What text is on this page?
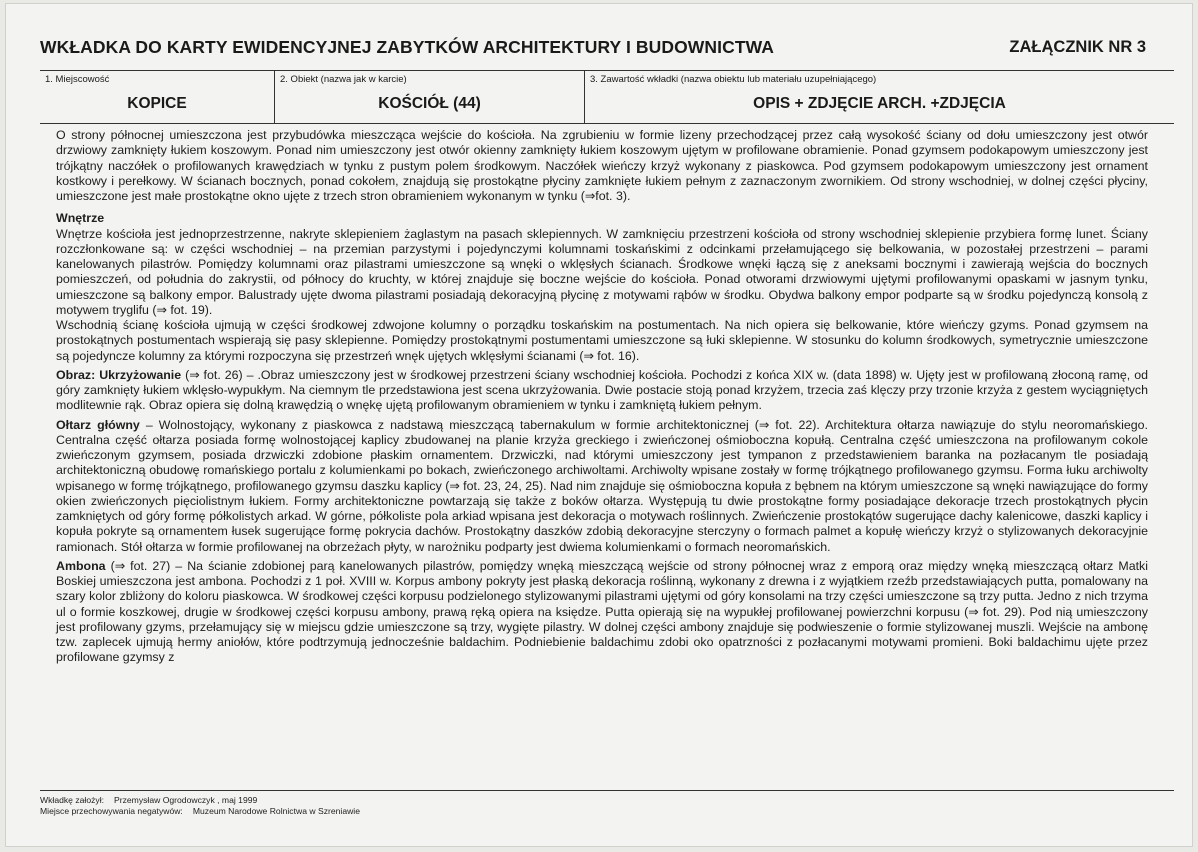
WKŁADKA DO KARTY EWIDENCYJNEJ ZABYTKÓW ARCHITEKTURY I BUDOWNICTWA	ZAŁĄCZNIK NR 3
1. Miejscowość
KOPICE
2. Obiekt (nazwa jak w karcie)
KOŚCIÓŁ (44)
3. Zawartość wkładki (nazwa obiektu lub materiału uzupełniającego)
OPIS + ZDJĘCIE ARCH. +ZDJĘCIA

O strony północnej umieszczona jest przybudówka mieszcząca wejście do kościoła. Na zgrubieniu w formie lizeny przechodzącej przez całą wysokość ściany od dołu umieszczony jest otwór drzwiowy zamknięty łukiem koszowym. Ponad nim umieszczony jest otwór okienny zamknięty łukiem koszowym ujętym w profilowane obramienie. Ponad gzymsem podokapowym umieszczony jest trójkątny naczółek o profilowanych krawędziach w tynku z pustym polem środkowym. Naczółek wieńczy krzyż wykonany z piaskowca. Pod gzymsem podokapowym umieszczony jest ornament kostkowy i perełkowy. W ścianach bocznych, ponad cokołem, znajdują się prostokątne płyciny zamknięte łukiem pełnym z zaznaczonym zwornikiem. Od strony wschodniej, w dolnej części płyciny, umieszczone jest małe prostokątne okno ujęte z trzech stron obramieniem wykonanym w tynku (⇒fot. 3).

Wnętrze

Wnętrze kościoła jest jednoprzestrzenne, nakryte sklepieniem żaglastym na pasach sklepiennych. W zamknięciu przestrzeni kościoła od strony wschodniej sklepienie przybiera formę lunet. Ściany rozczłonkowane są: w części wschodniej – na przemian parzystymi i pojedynczymi kolumnami toskańskimi z odcinkami przełamującego się belkowania, w pozostałej przestrzeni – parami kanelowanych pilastrów. Pomiędzy kolumnami oraz pilastrami umieszczone są wnęki o wklęsłych ścianach. Środkowe wnęki łączą się z aneksami bocznymi i zawierają wejścia do bocznych pomieszczeń, od południa do zakrystii, od północy do kruchty, w której znajduje się boczne wejście do kościoła. Ponad otworami drzwiowymi ujętymi profilowanymi opaskami w jasnym tynku, umieszczone są balkony empor. Balustrady ujęte dwoma pilastrami posiadają dekoracyjną płycinę z motywami rąbów w środku. Obydwa balkony empor podparte są w środku pojedynczą konsolą z motywem tryglifu (⇒ fot. 19).

Wschodnią ścianę kościoła ujmują w części środkowej zdwojone kolumny o porządku toskańskim na postumentach. Na nich opiera się belkowanie, które wieńczy gzyms. Ponad gzymsem na prostokątnych postumentach wspierają się pasy sklepienne. Pomiędzy prostokątnymi postumentami umieszczone są łuki sklepienne. W stosunku do kolumn środkowych, symetrycznie umieszczone są pojedyncze kolumny za którymi rozpoczyna się przestrzeń wnęk ujętych wklęsłymi ścianami (⇒ fot. 16).

Obraz: Ukrzyżowanie (⇒ fot. 26) – .Obraz umieszczony jest w środkowej przestrzeni ściany wschodniej kościoła. Pochodzi z końca XIX w. (data 1898) w. Ujęty jest w profilowaną złoconą ramę, od góry zamknięty łukiem wklęsło-wypukłym. Na ciemnym tle przedstawiona jest scena ukrzyżowania. Dwie postacie stoją ponad krzyżem, trzecia zaś klęczy przy trzonie krzyża z gestem wyciągniętych modlitewnie rąk. Obraz opiera się dolną krawędzią o wnękę ujętą profilowanym obramieniem w tynku i zamkniętą łukiem pełnym.

Ołtarz główny – Wolnostojący, wykonany z piaskowca z nadstawą mieszczącą tabernakulum w formie architektonicznej (⇒ fot. 22). Architektura ołtarza nawiązuje do stylu neoromańskiego. Centralna część ołtarza posiada formę wolnostojącej kaplicy zbudowanej na planie krzyża greckiego i zwieńczonej ośmioboczna kopułą. Centralna część umieszczona na profilowanym cokole zwieńczonym gzymsem, posiada drzwiczki zdobione płaskim ornamentem. Drzwiczki, nad którymi umieszczony jest tympanon z przedstawieniem baranka na pozłacanym tle posiadają architektoniczną obudowę romańskiego portalu z kolumienkami po bokach, zwieńczonego archiwoltami. Archiwolty wpisane zostały w formę trójkątnego profilowanego gzymsu. Forma łuku archiwolty wpisanego w formę trójkątnego, profilowanego gzymsu daszku kaplicy (⇒ fot. 23, 24, 25). Nad nim znajduje się ośmioboczna kopuła z bębnem na którym umieszczone są wnęki nawiązujące do formy okien zwieńczonych pięciolistnym łukiem. Formy architektoniczne powtarzają się także z boków ołtarza. Występują tu dwie prostokątne formy posiadające dekoracje trzech prostokątnych płycin zamkniętych od góry formę półkolistych arkad. W górne, półkoliste pola arkiad wpisana jest dekoracja o motywach roślinnych. Zwieńczenie prostokątów sugerujące dachy kalenicowe, daszki kaplicy i kopuła pokryte są ornamentem łusek sugerujące formę pokrycia dachów. Prostokątny daszków zdobią dekoracyjne sterczyny o formach palmet a kopułę wieńczy krzyż o stylizowanych dekoracyjnie ramionach. Stół ołtarza w formie profilowanej na obrzeżach płyty, w narożniku podparty jest dwiema kolumienkami o formach neoromańskich.

Ambona (⇒ fot. 27) – Na ścianie zdobionej parą kanelowanych pilastrów, pomiędzy wnęką mieszczącą wejście od strony północnej wraz z emporą oraz między wnęką mieszczącą ołtarz Matki Boskiej umieszczona jest ambona. Pochodzi z 1 poł. XVIII w. Korpus ambony pokryty jest płaską dekoracja roślinną, wykonany z drewna i z wyjątkiem rzeźb przedstawiających putta, pomalowany na szary kolor zbliżony do koloru piaskowca. W środkowej części korpusu podzielonego stylizowanymi pilastrami ujętymi od góry konsolami na trzy części umieszczone są trzy putta. Jedno z nich trzyma ul o formie koszkowej, drugie w środkowej części korpusu ambony, prawą ręką opiera na księdze. Putta opierają się na wypukłej profilowanej powierzchni korpusu (⇒ fot. 29). Pod nią umieszczony jest profilowany gzyms, przełamujący się w miejscu gdzie umieszczone są trzy, wygięte pilastry. W dolnej części ambony znajduje się podwieszenie o formie stylizowanej muszli. Wejście na ambonę tzw. zaplecek ujmują hermy aniołów, które podtrzymują jednocześnie baldachim. Podniebienie baldachimu zdobi oko opatrzności z pozłacanymi motywami promieni. Boki baldachimu ujęte przez profilowane gzymsy z

Wkładkę założył: Przemysław Ogrodowczyk , maj 1999
Miejsce przechowywania negatywów: Muzeum Narodowe Rolnictwa w Szreniawie
